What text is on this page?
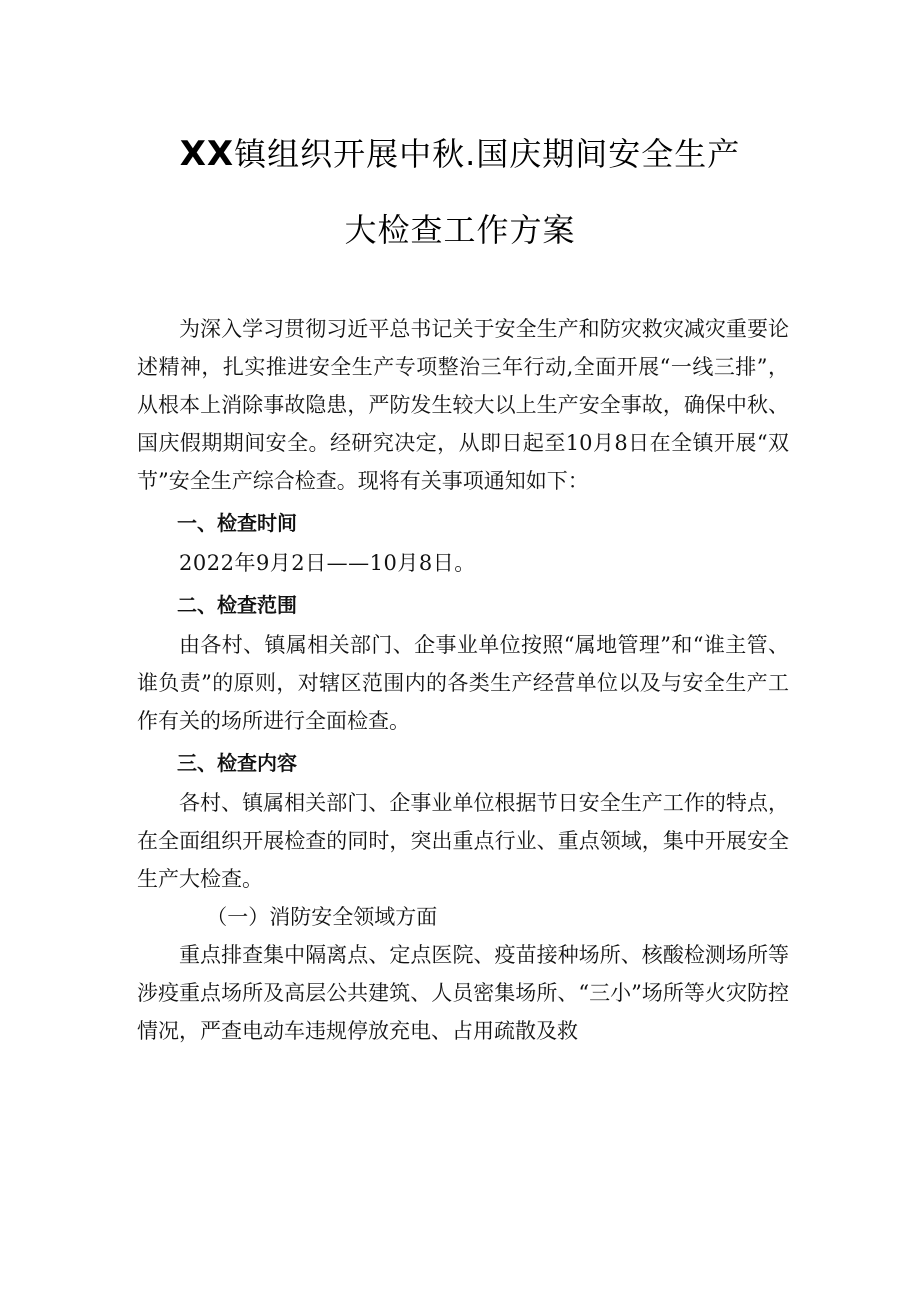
XX镇组织开展中秋.国庆期间安全生产
大检查工作方案

为深入学习贯彻习近平总书记关于安全生产和防灾救灾减灾重要论述精神，扎实推进安全生产专项整治三年行动,全面开展“一线三排”，从根本上消除事故隐患，严防发生较大以上生产安全事故，确保中秋、国庆假期期间安全。经研究决定，从即日起至10月8日在全镇开展“双节”安全生产综合检查。现将有关事项通知如下：

一、检查时间

2022年9月2日——10月8日。

二、检查范围

由各村、镇属相关部门、企事业单位按照“属地管理”和“谁主管、谁负责”的原则，对辖区范围内的各类生产经营单位以及与安全生产工作有关的场所进行全面检查。

三、检查内容

各村、镇属相关部门、企事业单位根据节日安全生产工作的特点，在全面组织开展检查的同时，突出重点行业、重点领域，集中开展安全生产大检查。

（一）消防安全领域方面

重点排查集中隔离点、定点医院、疫苗接种场所、核酸检测场所等涉疫重点场所及高层公共建筑、人员密集场所、“三小”场所等火灾防控情况，严查电动车违规停放充电、占用疏散及救
